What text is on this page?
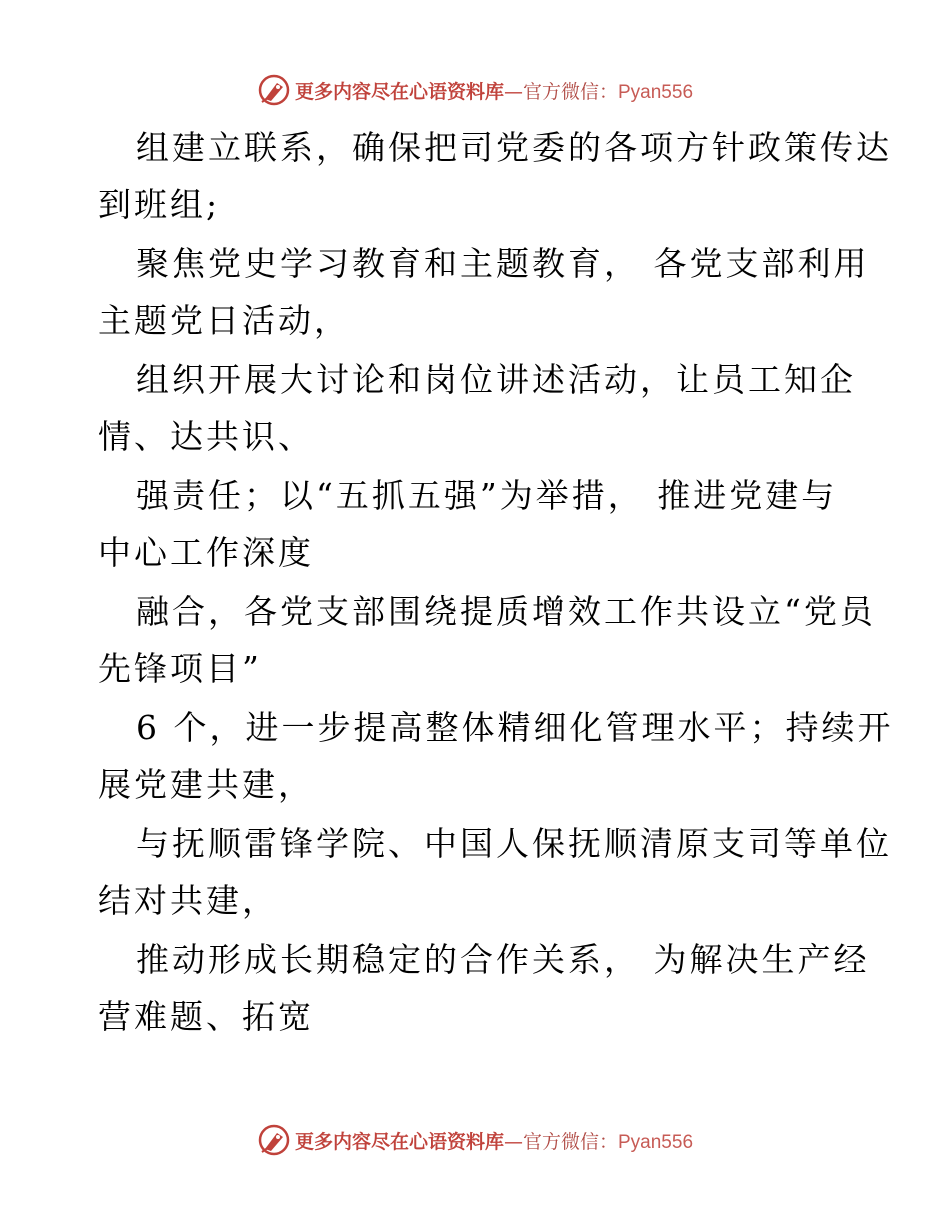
更多内容尽在心语资料库—官方微信：Pyan556
组建立联系，确保把司党委的各项方针政策传达
到班组;
聚焦党史学习教育和主题教育， 各党支部利用
主题党日活动，
组织开展大讨论和岗位讲述活动，让员工知企
情、达共识、
强责任；以“五抓五强”为举措， 推进党建与
中心工作深度
融合，各党支部围绕提质增效工作共设立“党员
先锋项目”
6 个，进一步提高整体精细化管理水平；持续开
展党建共建，
与抚顺雷锋学院、中国人保抚顺清原支司等单位
结对共建，
推动形成长期稳定的合作关系， 为解决生产经
营难题、拓宽
更多内容尽在心语资料库—官方微信：Pyan556
